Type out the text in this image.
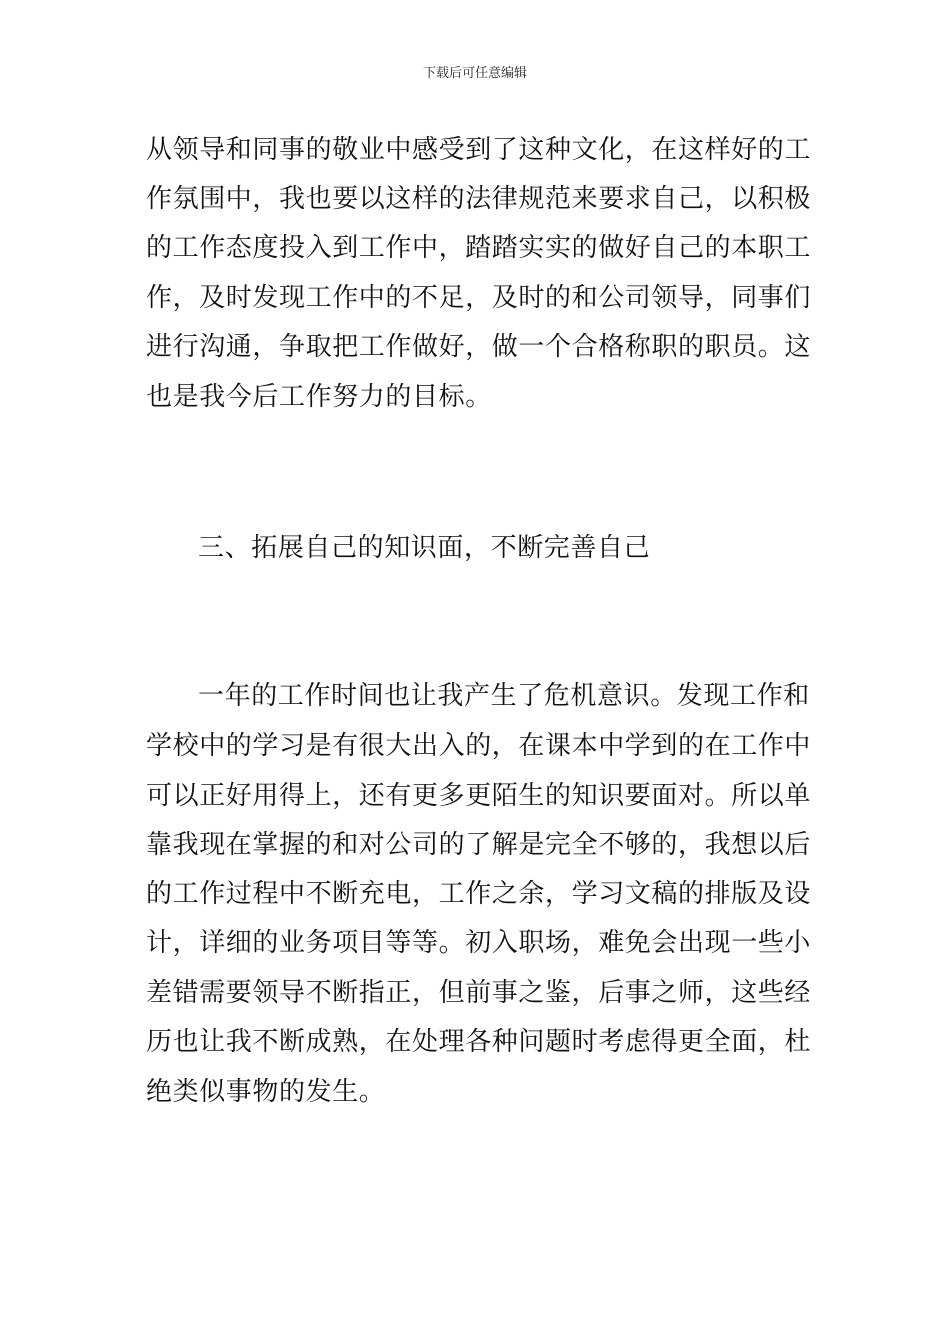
下载后可任意编辑
从领导和同事的敬业中感受到了这种文化，在这样好的工
作氛围中，我也要以这样的法律规范来要求自己，以积极
的工作态度投入到工作中，踏踏实实的做好自己的本职工
作，及时发现工作中的不足，及时的和公司领导，同事们
进行沟通，争取把工作做好，做一个合格称职的职员。这
也是我今后工作努力的目标。
三、拓展自己的知识面，不断完善自己
一年的工作时间也让我产生了危机意识。发现工作和
学校中的学习是有很大出入的，在课本中学到的在工作中
可以正好用得上，还有更多更陌生的知识要面对。所以单
靠我现在掌握的和对公司的了解是完全不够的，我想以后
的工作过程中不断充电，工作之余，学习文稿的排版及设
计，详细的业务项目等等。初入职场，难免会出现一些小
差错需要领导不断指正，但前事之鉴，后事之师，这些经
历也让我不断成熟，在处理各种问题时考虑得更全面，杜
绝类似事物的发生。
